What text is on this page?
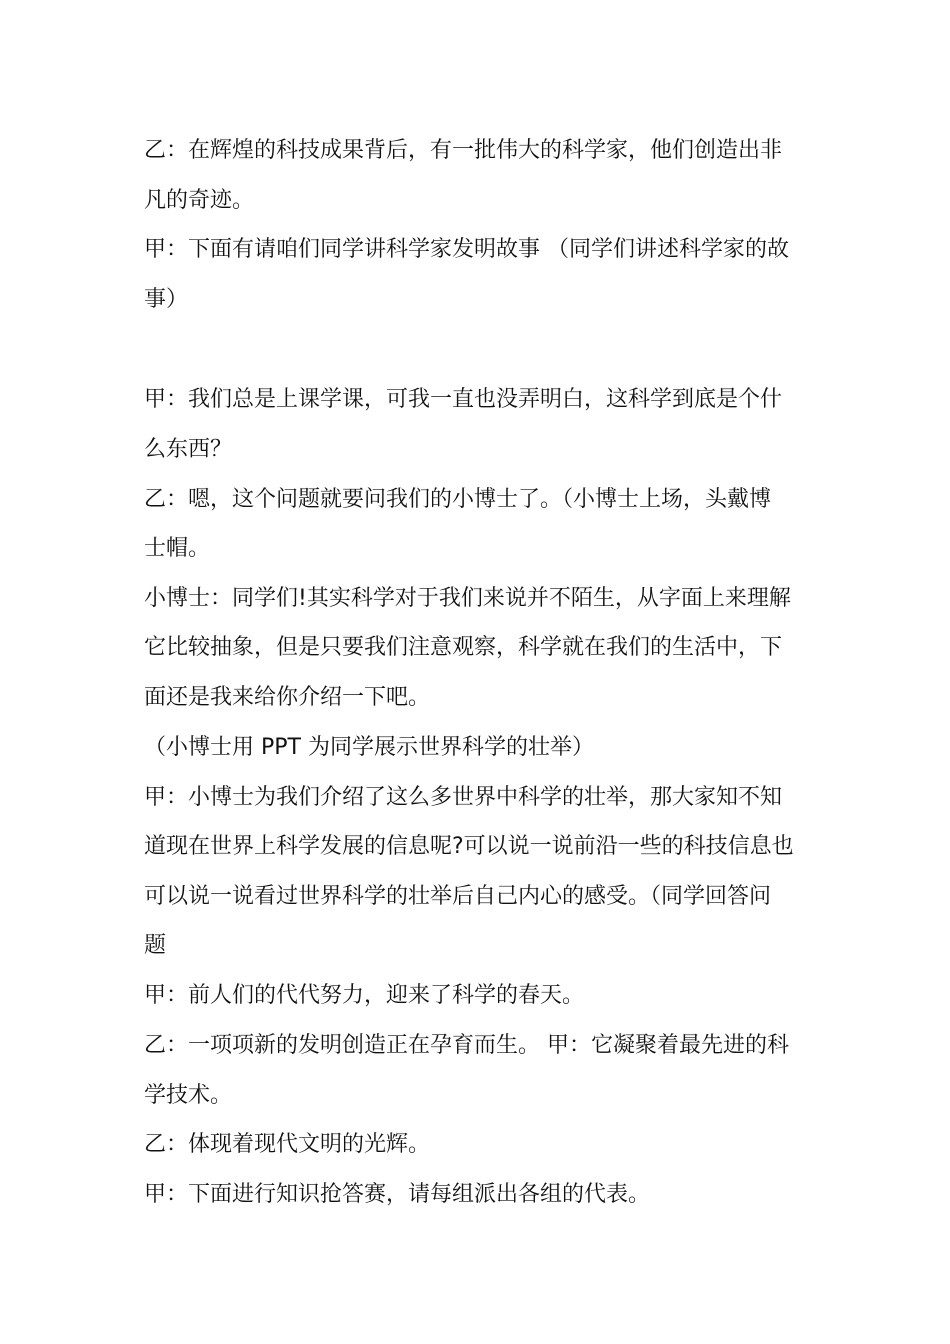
乙：在辉煌的科技成果背后，有一批伟大的科学家，他们创造出非
凡的奇迹。
甲：下面有请咱们同学讲科学家发明故事 （同学们讲述科学家的故
事）
甲：我们总是上课学课，可我一直也没弄明白，这科学到底是个什
么东西？
乙：嗯，这个问题就要问我们的小博士了。（小博士上场，头戴博
士帽。
小博士：同学们!其实科学对于我们来说并不陌生，从字面上来理解
它比较抽象，但是只要我们注意观察，科学就在我们的生活中，下
面还是我来给你介绍一下吧。
（小博士用 PPT 为同学展示世界科学的壮举）
甲：小博士为我们介绍了这么多世界中科学的壮举，那大家知不知
道现在世界上科学发展的信息呢?可以说一说前沿一些的科技信息也
可以说一说看过世界科学的壮举后自己内心的感受。（同学回答问
题
甲：前人们的代代努力，迎来了科学的春天。
乙：一项项新的发明创造正在孕育而生。 甲：它凝聚着最先进的科
学技术。
乙：体现着现代文明的光辉。
甲：下面进行知识抢答赛，请每组派出各组的代表。
